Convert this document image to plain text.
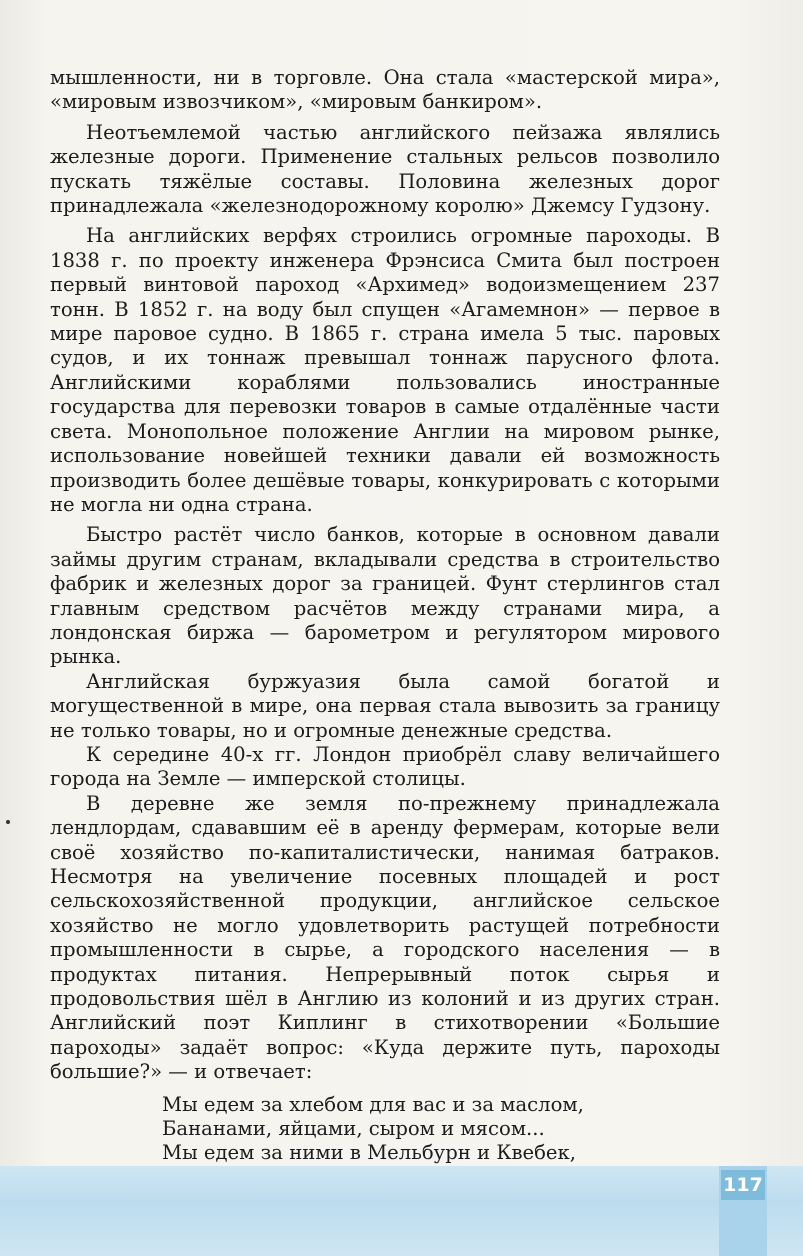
мышленности, ни в торговле. Она стала «мастерской мира», «мировым извозчиком», «мировым банкиром».

Неотъемлемой частью английского пейзажа являлись железные дороги. Применение стальных рельсов позволило пускать тяжёлые составы. Половина железных дорог принадлежала «железнодорожному королю» Джемсу Гудзону.

На английских верфях строились огромные пароходы. В 1838 г. по проекту инженера Фрэнсиса Смита был построен первый винтовой пароход «Архимед» водоизмещением 237 тонн. В 1852 г. на воду был спущен «Агамемнон» — первое в мире паровое судно. В 1865 г. страна имела 5 тыс. паровых судов, и их тоннаж превышал тоннаж парусного флота. Английскими кораблями пользовались иностранные государства для перевозки товаров в самые отдалённые части света. Монопольное положение Англии на мировом рынке, использование новейшей техники давали ей возможность производить более дешёвые товары, конкурировать с которыми не могла ни одна страна.

Быстро растёт число банков, которые в основном давали займы другим странам, вкладывали средства в строительство фабрик и железных дорог за границей. Фунт стерлингов стал главным средством расчётов между странами мира, а лондонская биржа — барометром и регулятором мирового рынка.

Английская буржуазия была самой богатой и могущественной в мире, она первая стала вывозить за границу не только товары, но и огромные денежные средства.

К середине 40-х гг. Лондон приобрёл славу величайшего города на Земле — имперской столицы.

В деревне же земля по-прежнему принадлежала лендлордам, сдававшим её в аренду фермерам, которые вели своё хозяйство по-капиталистически, нанимая батраков. Несмотря на увеличение посевных площадей и рост сельскохозяйственной продукции, английское сельское хозяйство не могло удовлетворить растущей потребности промышленности в сырье, а городского населения — в продуктах питания. Непрерывный поток сырья и продовольствия шёл в Англию из колоний и из других стран. Английский поэт Киплинг в стихотворении «Большие пароходы» задаёт вопрос: «Куда держите путь, пароходы большие?» — и отвечает:

Мы едем за хлебом для вас и за маслом,
Бананами, яйцами, сыром и мясом...
Мы едем за ними в Мельбурн и Квебек,

117
